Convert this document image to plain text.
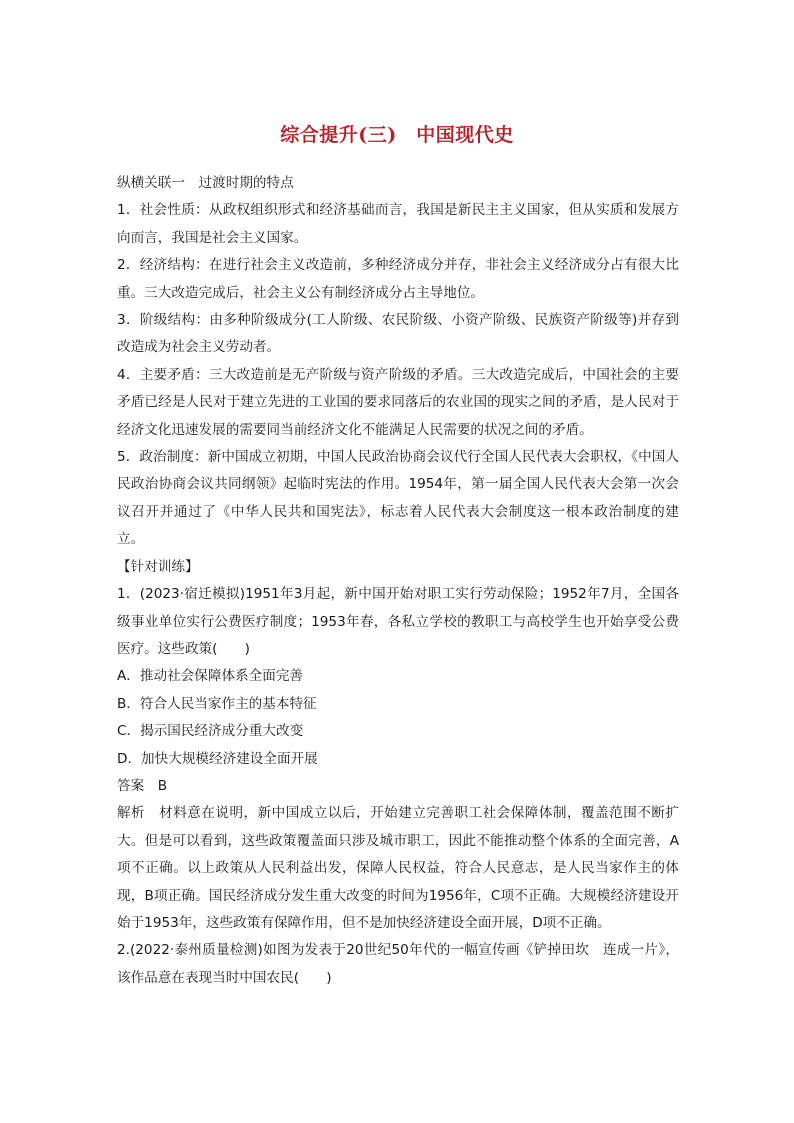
综合提升(三)　中国现代史

纵横关联一　过渡时期的特点

1．社会性质：从政权组织形式和经济基础而言，我国是新民主主义国家，但从实质和发展方向而言，我国是社会主义国家。

2．经济结构：在进行社会主义改造前，多种经济成分并存，非社会主义经济成分占有很大比重。三大改造完成后，社会主义公有制经济成分占主导地位。

3．阶级结构：由多种阶级成分(工人阶级、农民阶级、小资产阶级、民族资产阶级等)并存到改造成为社会主义劳动者。

4．主要矛盾：三大改造前是无产阶级与资产阶级的矛盾。三大改造完成后，中国社会的主要矛盾已经是人民对于建立先进的工业国的要求同落后的农业国的现实之间的矛盾，是人民对于经济文化迅速发展的需要同当前经济文化不能满足人民需要的状况之间的矛盾。

5．政治制度：新中国成立初期，中国人民政治协商会议代行全国人民代表大会职权，《中国人民政治协商会议共同纲领》起临时宪法的作用。1954年，第一届全国人民代表大会第一次会议召开并通过了《中华人民共和国宪法》，标志着人民代表大会制度这一根本政治制度的建立。

【针对训练】

1．(2023·宿迁模拟)1951年3月起，新中国开始对职工实行劳动保险；1952年7月，全国各级事业单位实行公费医疗制度；1953年春，各私立学校的教职工与高校学生也开始享受公费医疗。这些政策(　　)

A．推动社会保障体系全面完善

B．符合人民当家作主的基本特征

C．揭示国民经济成分重大改变

D．加快大规模经济建设全面开展

答案　B

解析　材料意在说明，新中国成立以后，开始建立完善职工社会保障体制，覆盖范围不断扩大。但是可以看到，这些政策覆盖面只涉及城市职工，因此不能推动整个体系的全面完善，A项不正确。以上政策从人民利益出发，保障人民权益，符合人民意志，是人民当家作主的体现，B项正确。国民经济成分发生重大改变的时间为1956年，C项不正确。大规模经济建设开始于1953年，这些政策有保障作用，但不是加快经济建设全面开展，D项不正确。

2.(2022·泰州质量检测)如图为发表于20世纪50年代的一幅宣传画《铲掉田坎　连成一片》，该作品意在表现当时中国农民(　　)
